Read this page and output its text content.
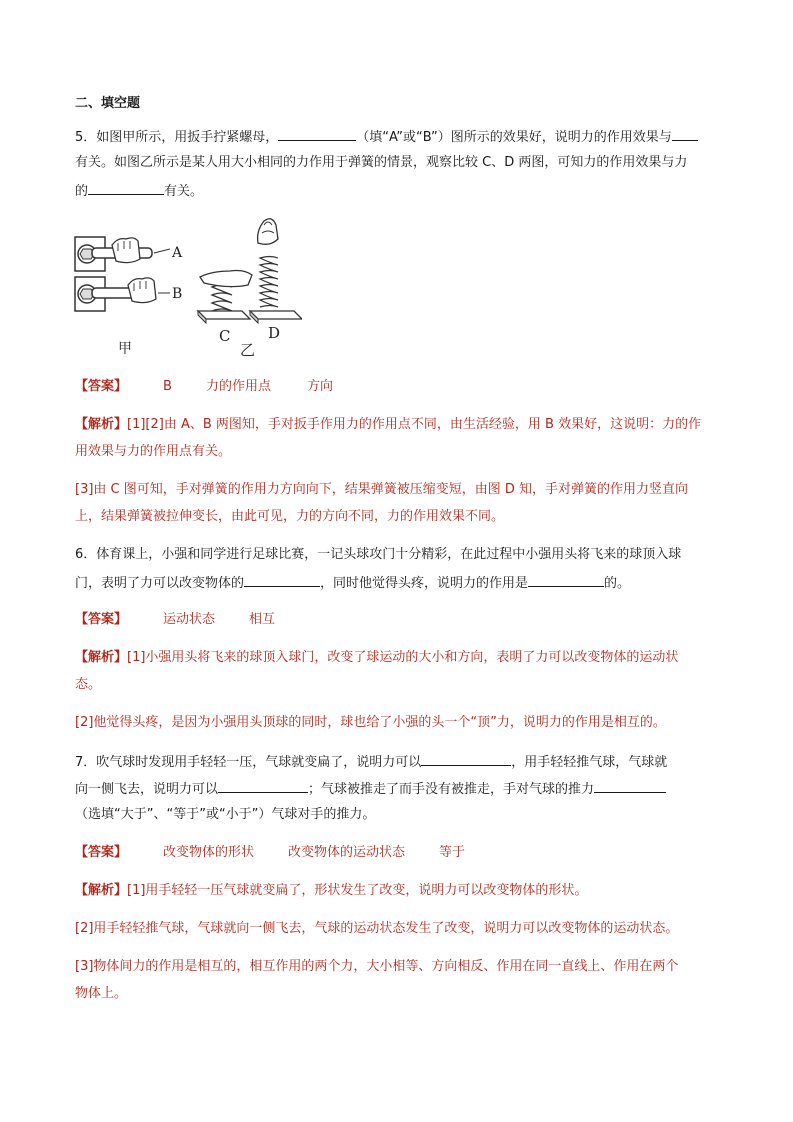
二、填空题
5．如图甲所示，用扳手拧紧螺母，	（填“A”或“B”）图所示的效果好，说明力的作用效果与
有关。如图乙所示是某人用大小相同的力作用于弹簧的情景，观察比较 C、D 两图，可知力的作用效果与力
的	有关。
A
B
C	D
甲	乙
【答案】	B	力的作用点	方向
【解析】[1][2]由 A、B 两图知，手对扳手作用力的作用点不同，由生活经验，用 B 效果好，这说明：力的作
用效果与力的作用点有关。
[3]由 C 图可知，手对弹簧的作用力方向向下，结果弹簧被压缩变短，由图 D 知，手对弹簧的作用力竖直向
上，结果弹簧被拉伸变长，由此可见，力的方向不同，力的作用效果不同。
6．体育课上，小强和同学进行足球比赛，一记头球攻门十分精彩，在此过程中小强用头将飞来的球顶入球
门，表明了力可以改变物体的	，同时他觉得头疼，说明力的作用是	的。
【答案】	运动状态	相互
【解析】[1]小强用头将飞来的球顶入球门，改变了球运动的大小和方向，表明了力可以改变物体的运动状
态。
[2]他觉得头疼，是因为小强用头顶球的同时，球也给了小强的头一个“顶”力，说明力的作用是相互的。
7．吹气球时发现用手轻轻一压，气球就变扁了，说明力可以	，用手轻轻推气球，气球就
向一侧飞去，说明力可以	；气球被推走了而手没有被推走，手对气球的推力
（选填“大于”、“等于”或“小于”）气球对手的推力。
【答案】	改变物体的形状	改变物体的运动状态	等于
【解析】[1]用手轻轻一压气球就变扁了，形状发生了改变，说明力可以改变物体的形状。
[2]用手轻轻推气球，气球就向一侧飞去，气球的运动状态发生了改变，说明力可以改变物体的运动状态。
[3]物体间力的作用是相互的，相互作用的两个力，大小相等、方向相反、作用在同一直线上、作用在两个
物体上。
